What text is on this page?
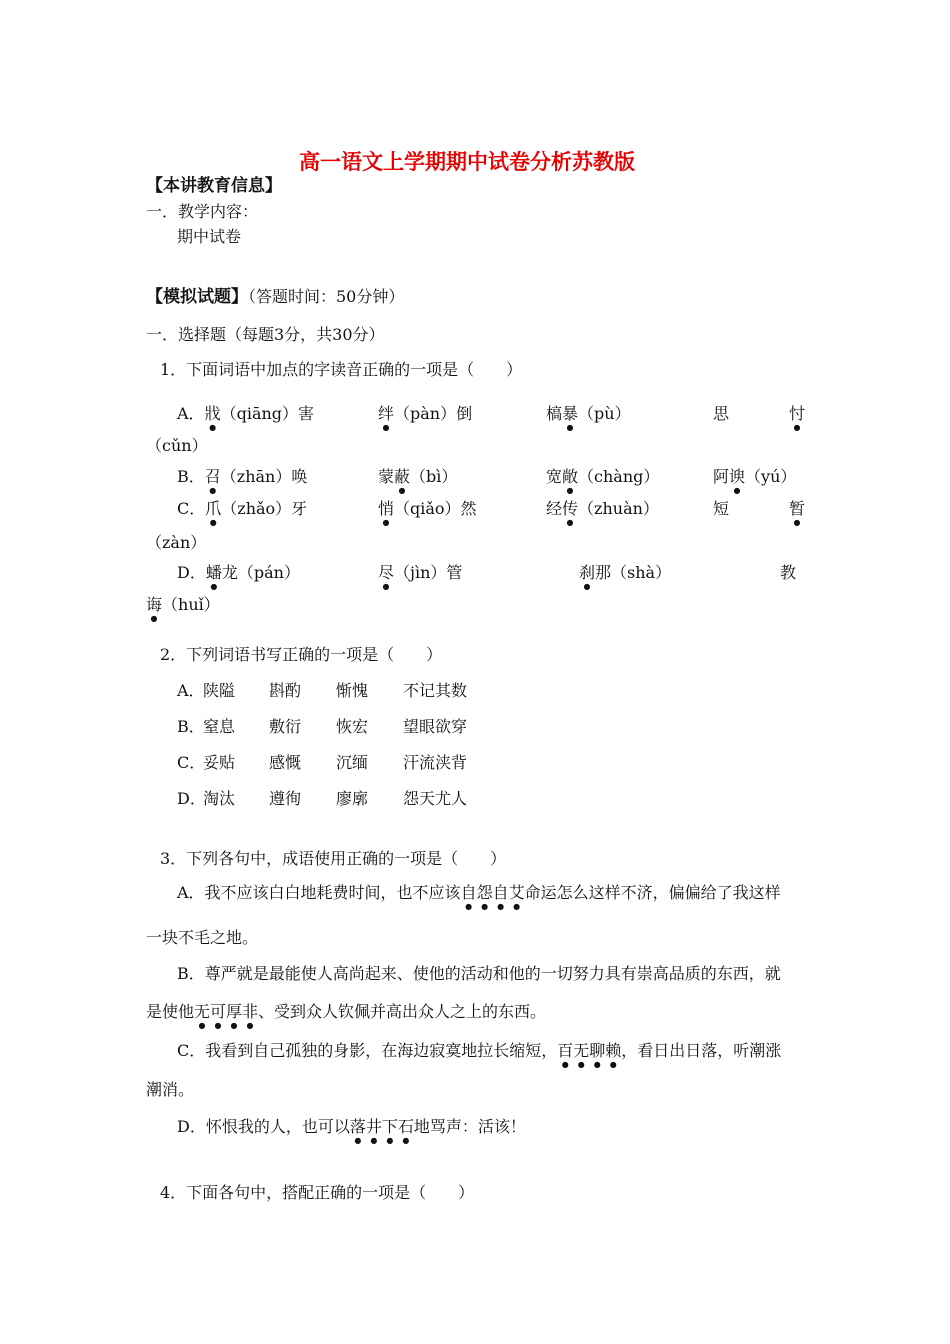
高一语文上学期期中试卷分析苏教版
【本讲教育信息】
一．教学内容：
期中试卷
【模拟试题】（答题时间：50分钟）
一．选择题（每题3分，共30分）
1．下面词语中加点的字读音正确的一项是（　　）
A．戕（qiāng）害	绊（pàn）倒	槁暴（pù）	思	忖
（cǔn）
B．召（zhān）唤	蒙蔽（bì）	宽敞（chàng）	阿谀（yú）
C．爪（zhǎo）牙	悄（qiǎo）然	经传（zhuàn）	短	暂
（zàn）
D．蟠龙（pán）	尽（jìn）管	刹那（shà）	教
诲（huǐ）
2．下列词语书写正确的一项是（　　）
A．
陕隘 斟酌 惭愧 不记其数
B．
窒息 敷衍 恢宏 望眼欲穿
C．
妥贴 感慨 沉缅 汗流浃背
D．
淘汰 遵徇 廖廓 怨天尤人
3．下列各句中，成语使用正确的一项是（　　）
A．我不应该白白地耗费时间，也不应该自怨自艾命运怎么这样不济，偏偏给了我这样
一块不毛之地。
B．尊严就是最能使人高尚起来、使他的活动和他的一切努力具有崇高品质的东西，就
是使他无可厚非、受到众人钦佩并高出众人之上的东西。
C．我看到自己孤独的身影，在海边寂寞地拉长缩短，百无聊赖，看日出日落，听潮涨
潮消。
D．怀恨我的人，也可以落井下石地骂声：活该！
4．下面各句中，搭配正确的一项是（　　）
